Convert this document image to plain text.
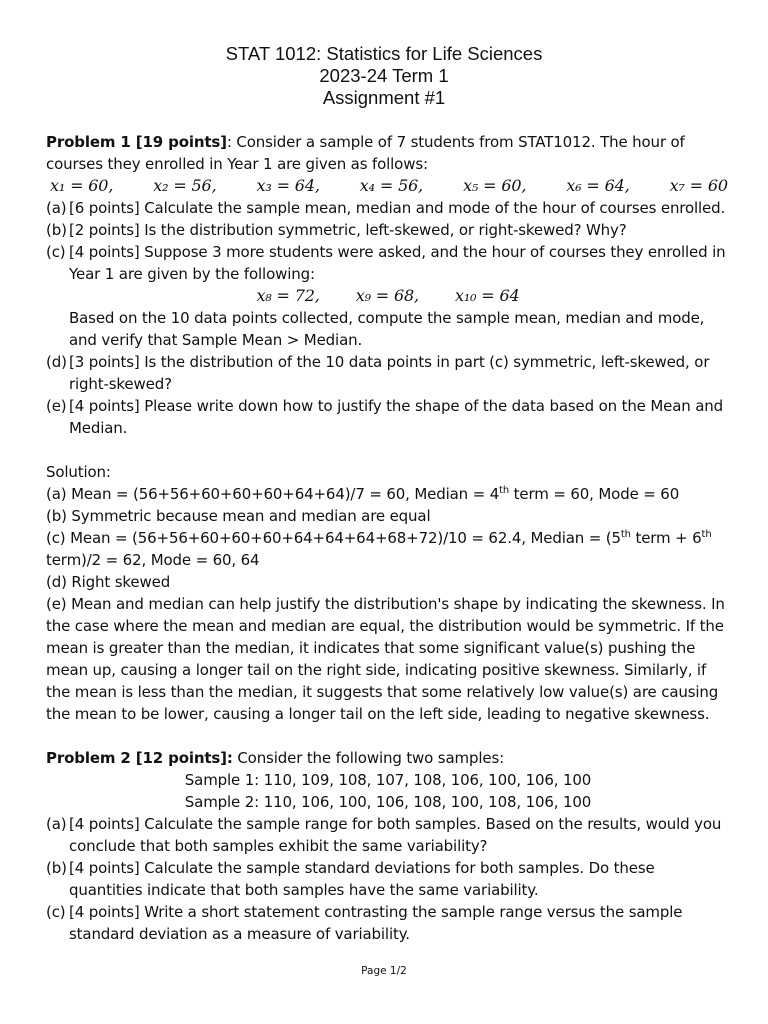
STAT 1012: Statistics for Life Sciences

2023-24 Term 1

Assignment #1

Problem 1 [19 points]: Consider a sample of 7 students from STAT1012. The hour of courses they enrolled in Year 1 are given as follows:

x₁ = 60,	x₂ = 56,	x₃ = 64,	x₄ = 56,	x₅ = 60,	x₆ = 64,	x₇ = 60
(a) [6 points] Calculate the sample mean, median and mode of the hour of courses enrolled.
(b) [2 points] Is the distribution symmetric, left-skewed, or right-skewed? Why?
(c) [4 points] Suppose 3 more students were asked, and the hour of courses they enrolled in Year 1 are given by the following:
x₈ = 72, x₉ = 68, x₁₀ = 64

Based on the 10 data points collected, compute the sample mean, median and mode, and verify that Sample Mean > Median.

(d) [3 points] Is the distribution of the 10 data points in part (c) symmetric, left-skewed, or right-skewed?
(e) [4 points] Please write down how to justify the shape of the data based on the Mean and Median.

Solution:

(a) Mean = (56+56+60+60+60+64+64)/7 = 60, Median = 4th term = 60, Mode = 60

(b) Symmetric because mean and median are equal

(c) Mean = (56+56+60+60+60+64+64+64+68+72)/10 = 62.4, Median = (5th term + 6th term)/2 = 62, Mode = 60, 64

(d) Right skewed

(e) Mean and median can help justify the distribution's shape by indicating the skewness. In the case where the mean and median are equal, the distribution would be symmetric. If the mean is greater than the median, it indicates that some significant value(s) pushing the mean up, causing a longer tail on the right side, indicating positive skewness. Similarly, if the mean is less than the median, it suggests that some relatively low value(s) are causing the mean to be lower, causing a longer tail on the left side, leading to negative skewness.

Problem 2 [12 points]: Consider the following two samples:

Sample 1: 110, 109, 108, 107, 108, 106, 100, 106, 100

Sample 2: 110, 106, 100, 106, 108, 100, 108, 106, 100

(a) [4 points] Calculate the sample range for both samples. Based on the results, would you conclude that both samples exhibit the same variability?
(b) [4 points] Calculate the sample standard deviations for both samples. Do these quantities indicate that both samples have the same variability.
(c) [4 points] Write a short statement contrasting the sample range versus the sample standard deviation as a measure of variability.
Page 1/2
